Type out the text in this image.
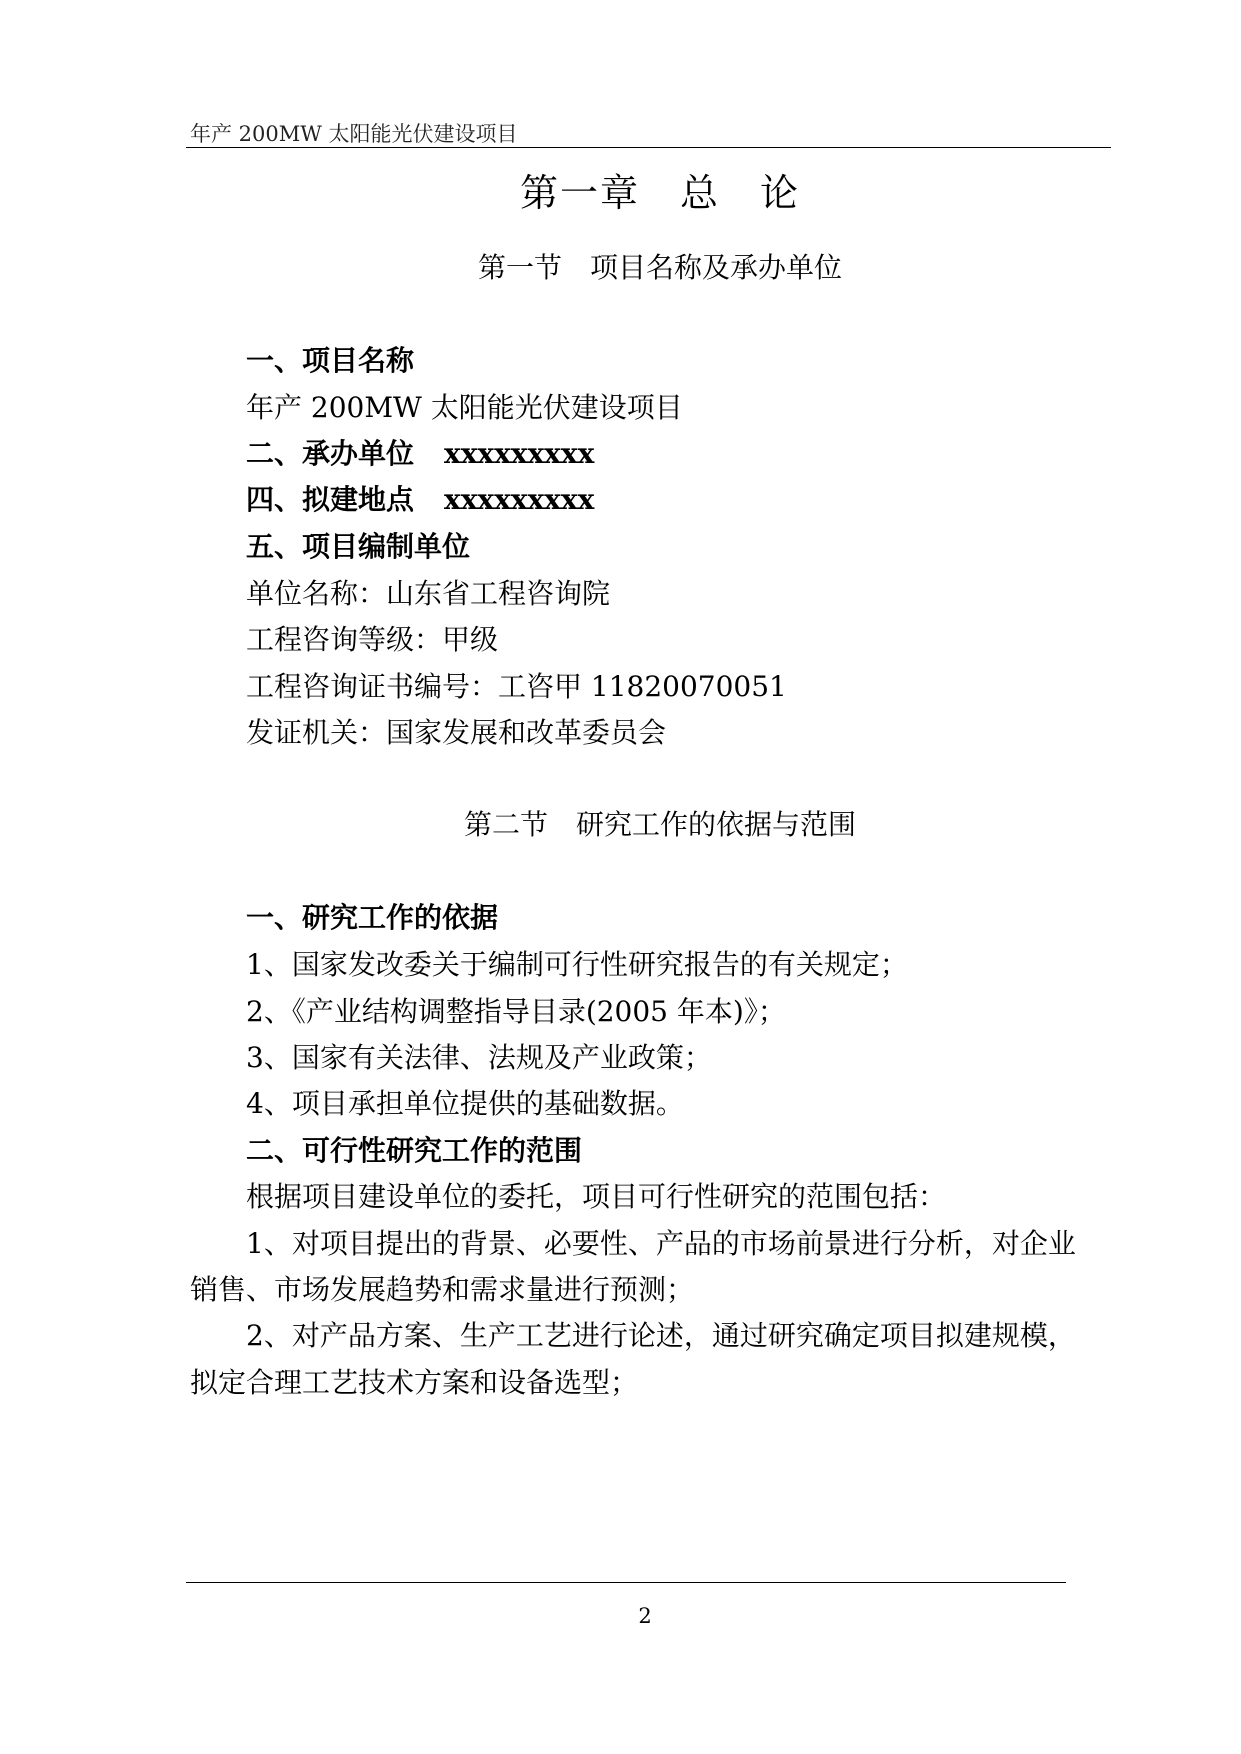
年产 200MW 太阳能光伏建设项目
第一章　总　论
第一节　项目名称及承办单位
一、项目名称
年产 200MW 太阳能光伏建设项目
二、承办单位 xxxxxxxxx
四、拟建地点 xxxxxxxxx
五、项目编制单位
单位名称：山东省工程咨询院
工程咨询等级：甲级
工程咨询证书编号：工咨甲 11820070051
发证机关：国家发展和改革委员会
第二节　研究工作的依据与范围
一、研究工作的依据
1、国家发改委关于编制可行性研究报告的有关规定；
2、《产业结构调整指导目录(2005 年本)》；
3、国家有关法律、法规及产业政策；
4、项目承担单位提供的基础数据。
二、可行性研究工作的范围
根据项目建设单位的委托，项目可行性研究的范围包括：
1、对项目提出的背景、必要性、产品的市场前景进行分析，对企业
销售、市场发展趋势和需求量进行预测；
2、对产品方案、生产工艺进行论述，通过研究确定项目拟建规模，
拟定合理工艺技术方案和设备选型；
2
